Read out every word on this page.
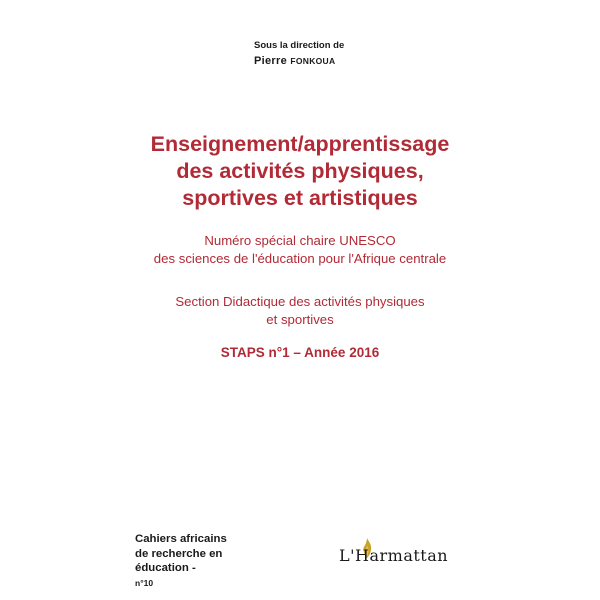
Sous la direction de
Pierre FONKOUA
Enseignement/apprentissage
des activités physiques,
sportives et artistiques
Numéro spécial chaire UNESCO
des sciences de l'éducation pour l'Afrique centrale
Section Didactique des activités physiques
et sportives
STAPS n°1 – Année 2016
Cahiers africains
de recherche en
éducation -
n°10
L'Harmattan
